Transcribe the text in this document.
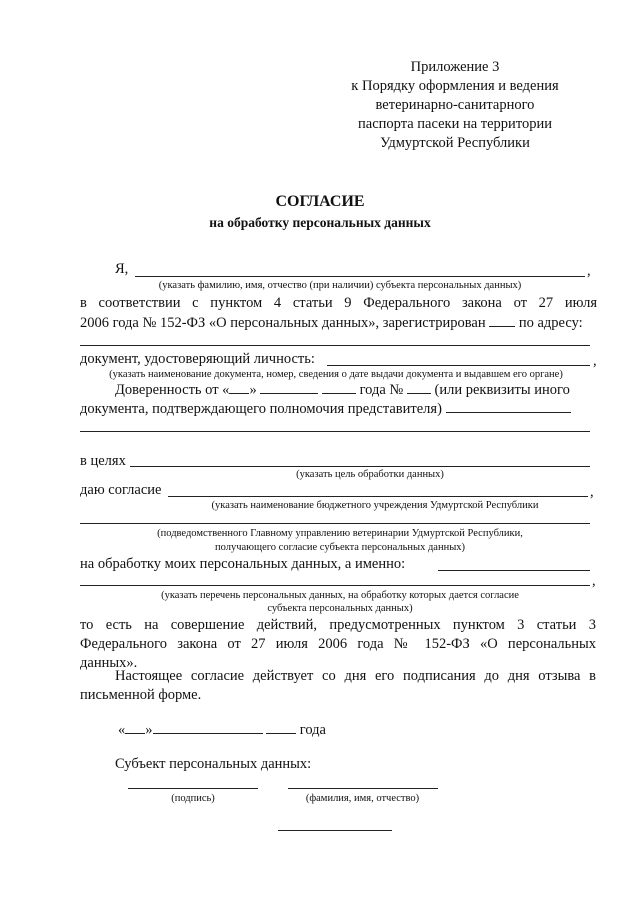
Приложение 3
к Порядку оформления и ведения
ветеринарно-санитарного
паспорта пасеки на территории
Удмуртской Республики
СОГЛАСИЕ
на обработку персональных данных
Я,	,
(указать фамилию, имя, отчество (при наличии) субъекта персональных данных)
в соответствии с пунктом 4 статьи 9 Федерального закона от 27 июля
2006 года № 152-ФЗ «О персональных данных», зарегистрирован по адресу:
документ, удостоверяющий личность:	,
(указать наименование документа, номер, сведения о дате выдачи документа и выдавшем его органе)
Доверенность от « »	года № (или реквизиты иного
документа, подтверждающего полномочия представителя)
в целях
(указать цель обработки данных)
даю согласие	,
(указать наименование бюджетного учреждения Удмуртской Республики
(подведомственного Главному управлению ветеринарии Удмуртской Республики,
получающего согласие субъекта персональных данных)
на обработку моих персональных данных, а именно:
,
(указать перечень персональных данных, на обработку которых дается согласие
субъекта персональных данных)
то есть на совершение действий, предусмотренных пунктом 3 статьи 3
Федерального закона от 27 июля 2006 года № 152-ФЗ «О персональных
данных».
Настоящее согласие действует со дня его подписания до дня отзыва в
письменной форме.
« »	года
Субъект персональных данных:
(подпись)	(фамилия, имя, отчество)
